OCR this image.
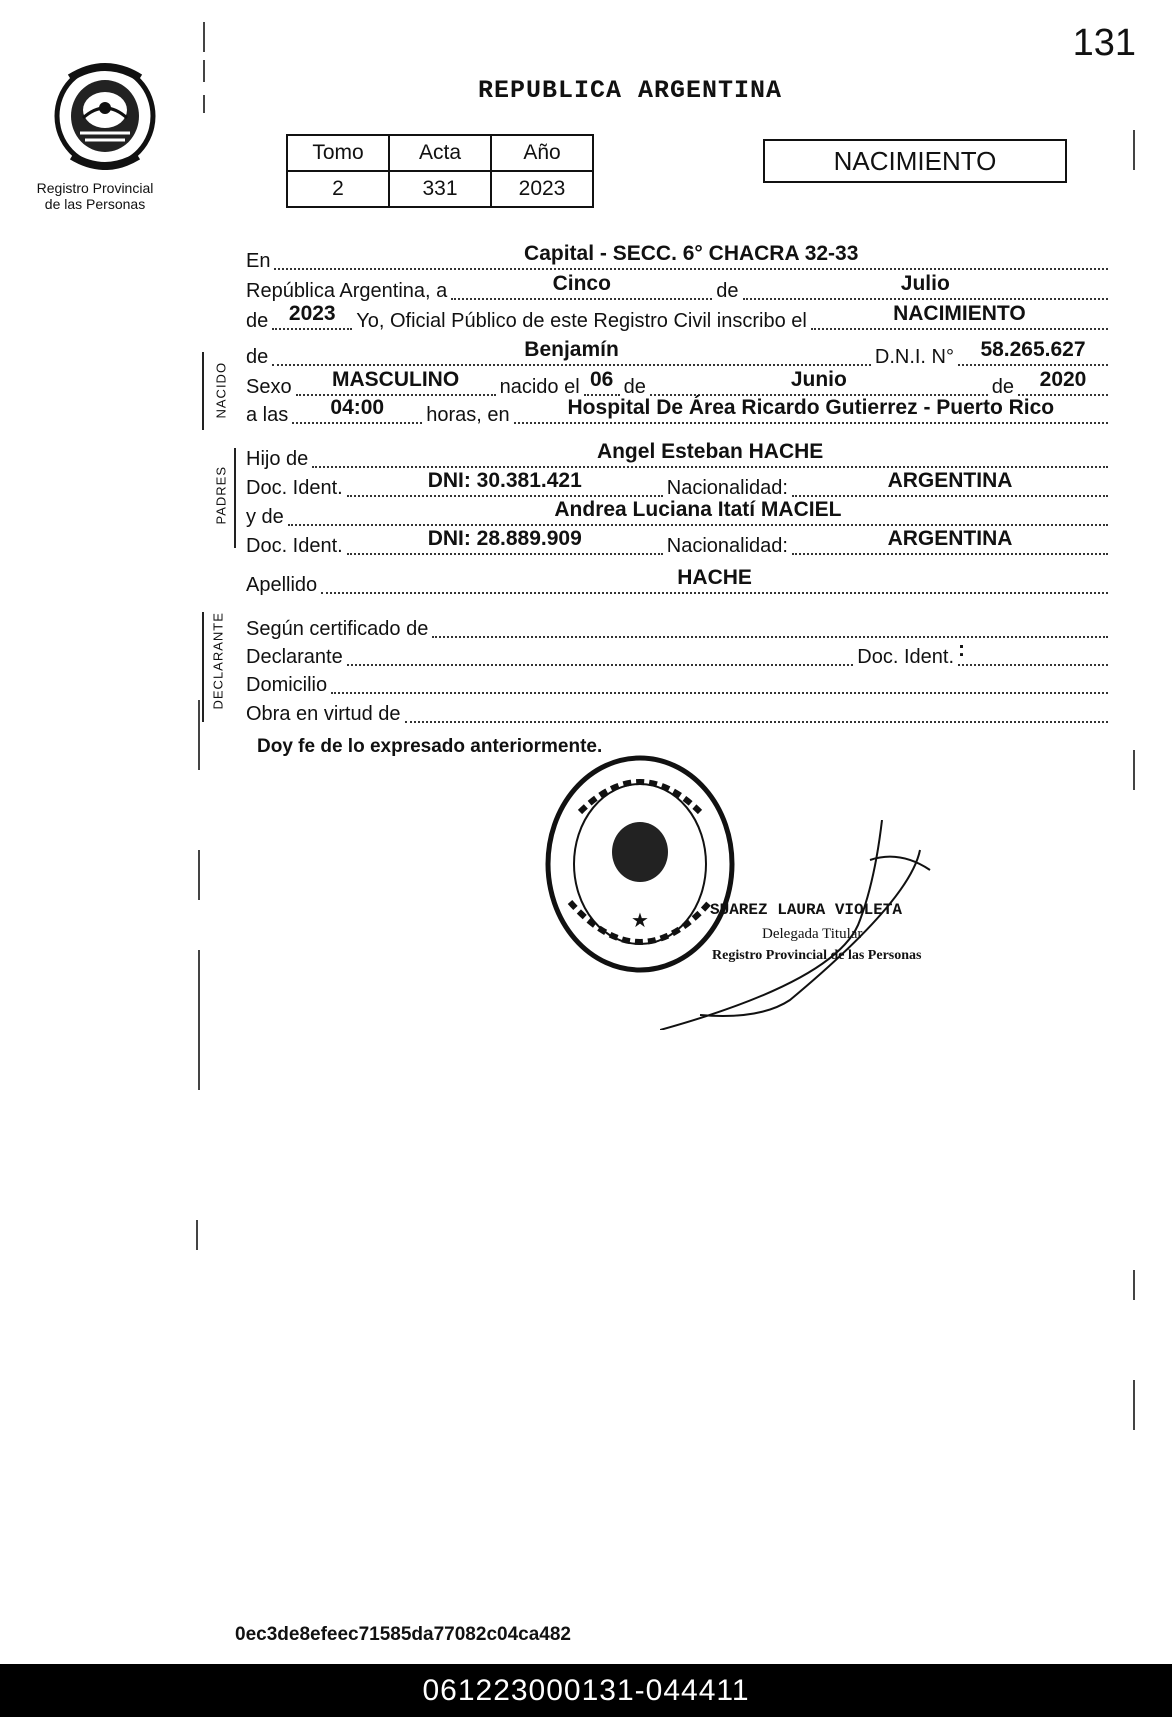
131
Registro Provincial de las Personas
REPUBLICA ARGENTINA
Tomo	Acta	Año
2	331	2023
NACIMIENTO
En	Capital - SECC. 6° CHACRA 32-33
República Argentina, a	Cinco	de	Julio
de 2023	Yo, Oficial Público de este Registro Civil inscribo el	NACIMIENTO
de	Benjamín	D.N.I. N°	58.265.627
Sexo	MASCULINO	nacido el 06 de	Junio	de	2020
a las	04:00	horas, en	Hospital De Área Ricardo Gutierrez - Puerto Rico
Hijo de	Angel Esteban HACHE
Doc. Ident.	DNI: 30.381.421	Nacionalidad:	ARGENTINA
y de	Andrea Luciana Itatí MACIEL
Doc. Ident.	DNI: 28.889.909	Nacionalidad:	ARGENTINA
Apellido	HACHE
Según certificado de
Declarante	Doc. Ident. :
Domicilio
Obra en virtud de
NACIDO
PADRES
DECLARANTE
Doy fe de lo expresado anteriormente.
★	SUAREZ LAURA VIOLETA
Delegada Titular
Registro Provincial de las Personas
0ec3de8efeec71585da77082c04ca482
061223000131-044411
